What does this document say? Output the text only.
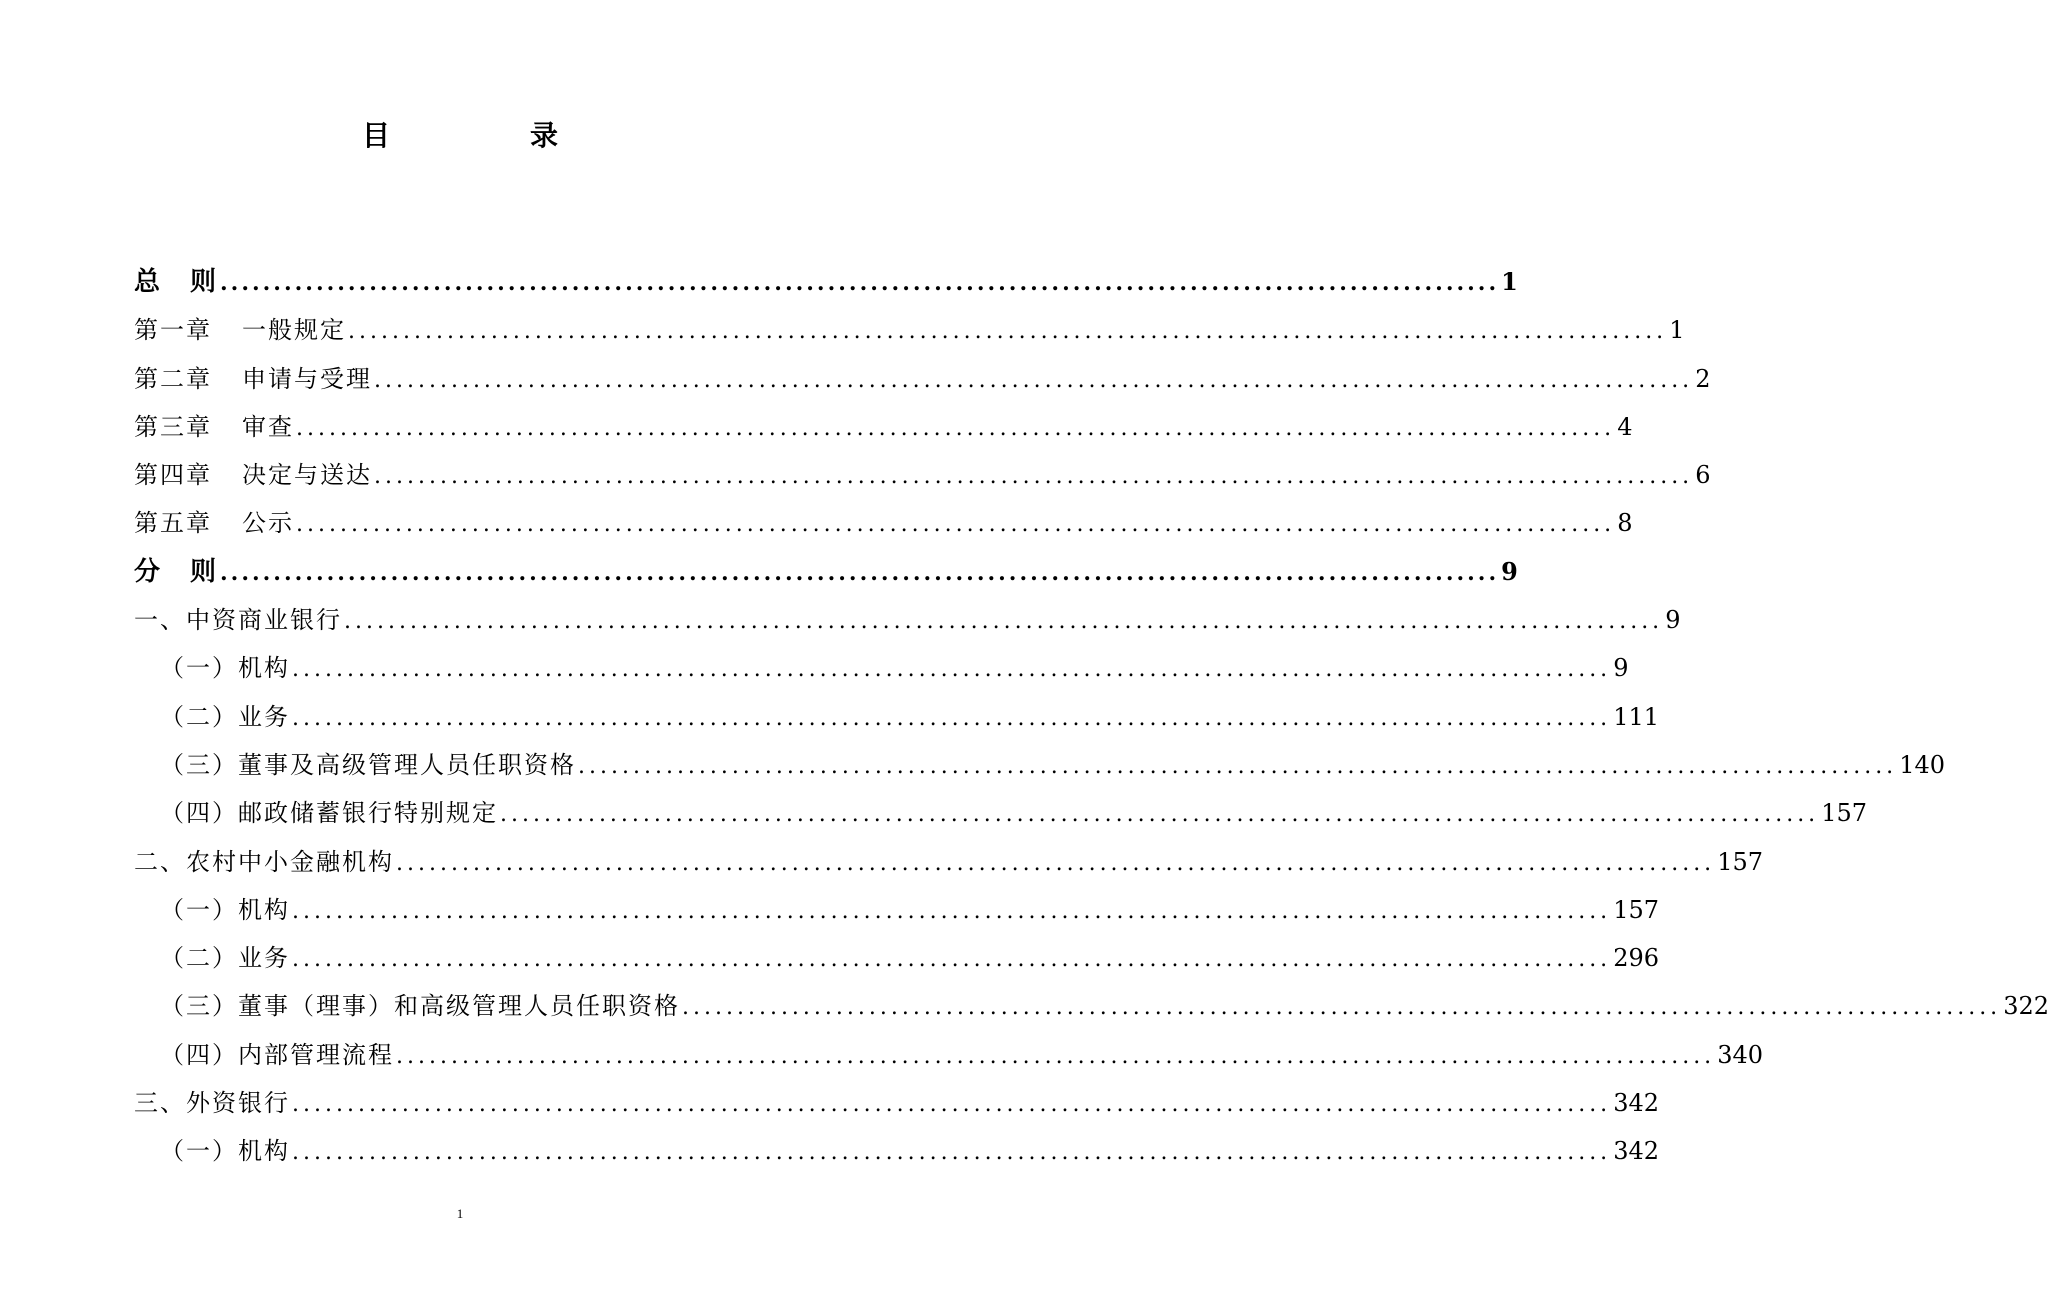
目　录
总　则 ........................................................................................................................ 1
第一章 一般规定 ........................................................................................................................ 1
第二章 申请与受理 ........................................................................................................................ 2
第三章 审查 ........................................................................................................................ 4
第四章 决定与送达 ........................................................................................................................ 6
第五章 公示 ........................................................................................................................ 8
分　则 ........................................................................................................................ 9
一、中资商业银行 ........................................................................................................................ 9
（一）机构 ........................................................................................................................ 9
（二）业务 ........................................................................................................................ 111
（三）董事及高级管理人员任职资格 ........................................................................................................................ 140
（四）邮政储蓄银行特别规定 ........................................................................................................................ 157
二、农村中小金融机构 ........................................................................................................................ 157
（一）机构 ........................................................................................................................ 157
（二）业务 ........................................................................................................................ 296
（三）董事（理事）和高级管理人员任职资格 ........................................................................................................................ 322
（四）内部管理流程 ........................................................................................................................ 340
三、外资银行 ........................................................................................................................ 342
（一）机构 ........................................................................................................................ 342
1
